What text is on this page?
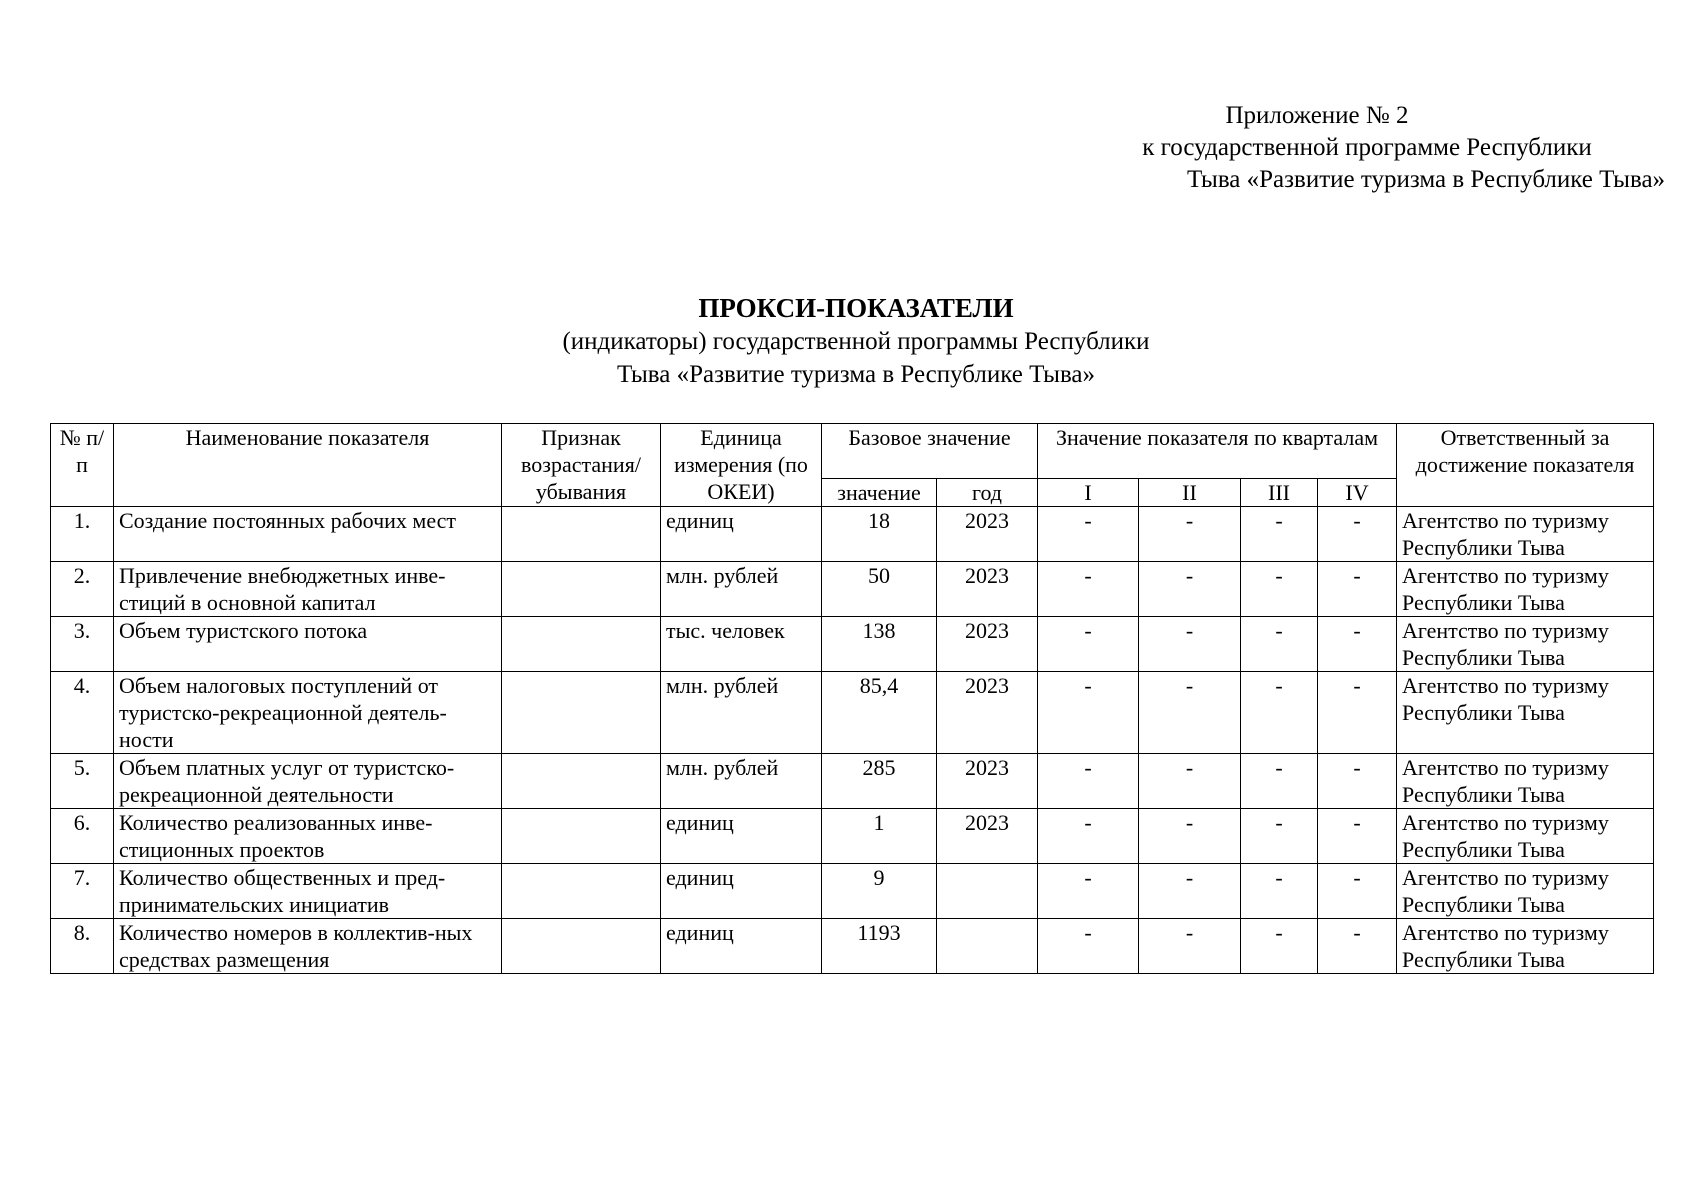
Приложение № 2
к государственной программе Республики
Тыва «Развитие туризма в Республике Тыва»
ПРОКСИ-ПОКАЗАТЕЛИ
(индикаторы) государственной программы Республики
Тыва «Развитие туризма в Республике Тыва»
№ п/п	Наименование показателя	Признак возрастания/ убывания	Единица измерения (по ОКЕИ)	Базовое значение		Значение показателя по кварталам				Ответственный за достижение показателя
				значение	год	I	II	III	IV	
1.	Создание постоянных рабочих мест		единиц	18	2023	-	-	-	-	Агентство по туризму Республики Тыва
2.	Привлечение внебюджетных инве-стиций в основной капитал		млн. рублей	50	2023	-	-	-	-	Агентство по туризму Республики Тыва
3.	Объем туристского потока		тыс. человек	138	2023	-	-	-	-	Агентство по туризму Республики Тыва
4.	Объем налоговых поступлений от туристско-рекреационной деятель-ности		млн. рублей	85,4	2023	-	-	-	-	Агентство по туризму Республики Тыва
5.	Объем платных услуг от туристско-рекреационной деятельности		млн. рублей	285	2023	-	-	-	-	Агентство по туризму Республики Тыва
6.	Количество реализованных инве-стиционных проектов		единиц	1	2023	-	-	-	-	Агентство по туризму Республики Тыва
7.	Количество общественных и пред-принимательских инициатив		единиц	9		-	-	-	-	Агентство по туризму Республики Тыва
8.	Количество номеров в коллектив-ных средствах размещения		единиц	1193		-	-	-	-	Агентство по туризму Республики Тыва
